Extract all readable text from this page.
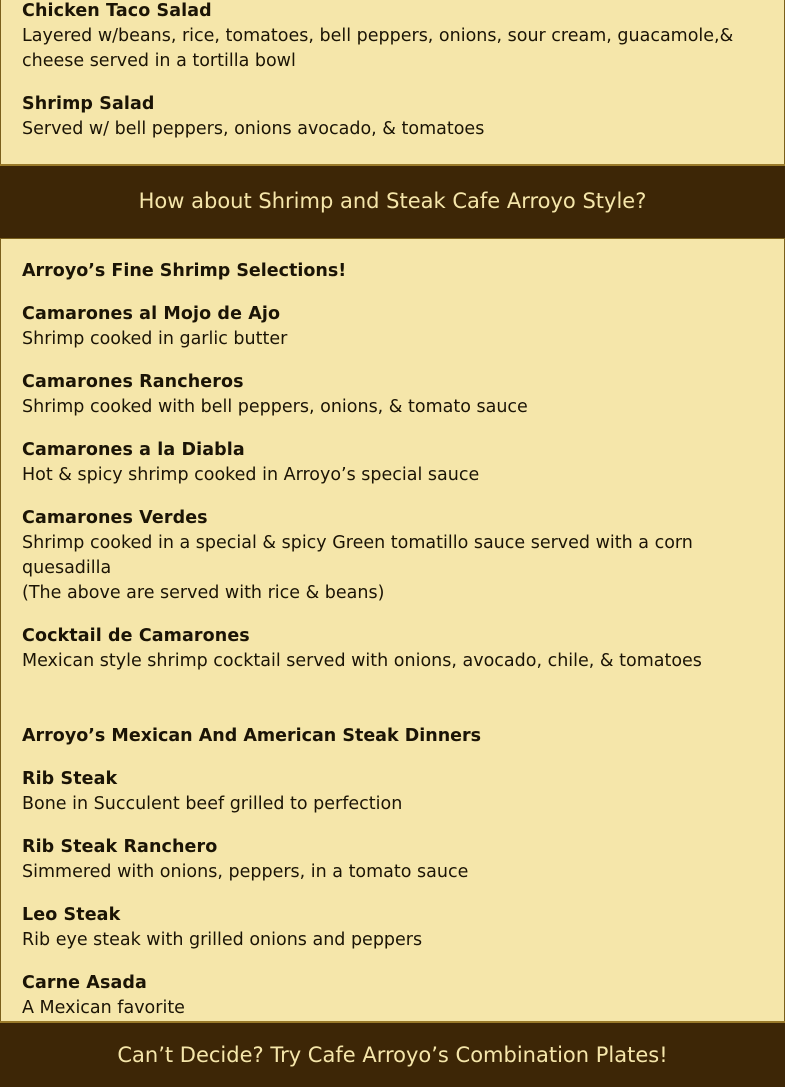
Chicken Taco Salad
Layered w/beans, rice, tomatoes, bell peppers, onions, sour cream, guacamole,& cheese served in a tortilla bowl
Shrimp Salad
Served w/ bell peppers, onions avocado, & tomatoes
How about Shrimp and Steak Cafe Arroyo Style?
Arroyo’s Fine Shrimp Selections!
Camarones al Mojo de Ajo
Shrimp cooked in garlic butter
Camarones Rancheros
Shrimp cooked with bell peppers, onions, & tomato sauce
Camarones a la Diabla
Hot & spicy shrimp cooked in Arroyo’s special sauce
Camarones Verdes
Shrimp cooked in a special & spicy Green tomatillo sauce served with a corn quesadilla
(The above are served with rice & beans)
Cocktail de Camarones
Mexican style shrimp cocktail served with onions, avocado, chile, & tomatoes
Arroyo’s Mexican And American Steak Dinners
Rib Steak
Bone in Succulent beef grilled to perfection
Rib Steak Ranchero
Simmered with onions, peppers, in a tomato sauce
Leo Steak
Rib eye steak with grilled onions and peppers
Carne Asada
A Mexican favorite
Can’t Decide? Try Cafe Arroyo’s Combination Plates!
